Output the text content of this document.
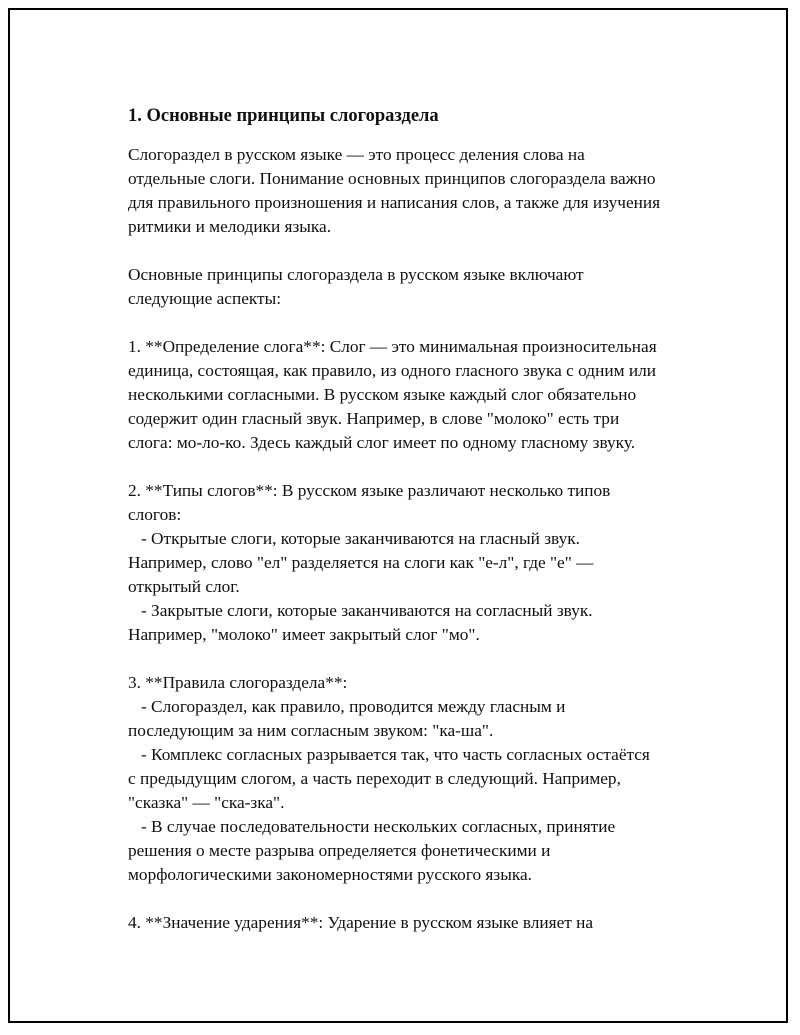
1. Основные принципы слогораздела
Слогораздел в русском языке — это процесс деления слова на
отдельные слоги. Понимание основных принципов слогораздела важно
для правильного произношения и написания слов, а также для изучения
ритмики и мелодики языка.
Основные принципы слогораздела в русском языке включают
следующие аспекты:
1. **Определение слога**: Слог — это минимальная произносительная
единица, состоящая, как правило, из одного гласного звука с одним или
несколькими согласными. В русском языке каждый слог обязательно
содержит один гласный звук. Например, в слове "молоко" есть три
слога: мо-ло-ко. Здесь каждый слог имеет по одному гласному звуку.
2. **Типы слогов**: В русском языке различают несколько типов
слогов:
- Открытые слоги, которые заканчиваются на гласный звук.
Например, слово "ел" разделяется на слоги как "е-л", где "е" —
открытый слог.
- Закрытые слоги, которые заканчиваются на согласный звук.
Например, "молоко" имеет закрытый слог "мо".
3. **Правила слогораздела**:
- Слогораздел, как правило, проводится между гласным и
последующим за ним согласным звуком: "ка-ша".
- Комплекс согласных разрывается так, что часть согласных остаётся
с предыдущим слогом, а часть переходит в следующий. Например,
"сказка" — "ска-зка".
- В случае последовательности нескольких согласных, принятие
решения о месте разрыва определяется фонетическими и
морфологическими закономерностями русского языка.
4. **Значение ударения**: Ударение в русском языке влияет на
